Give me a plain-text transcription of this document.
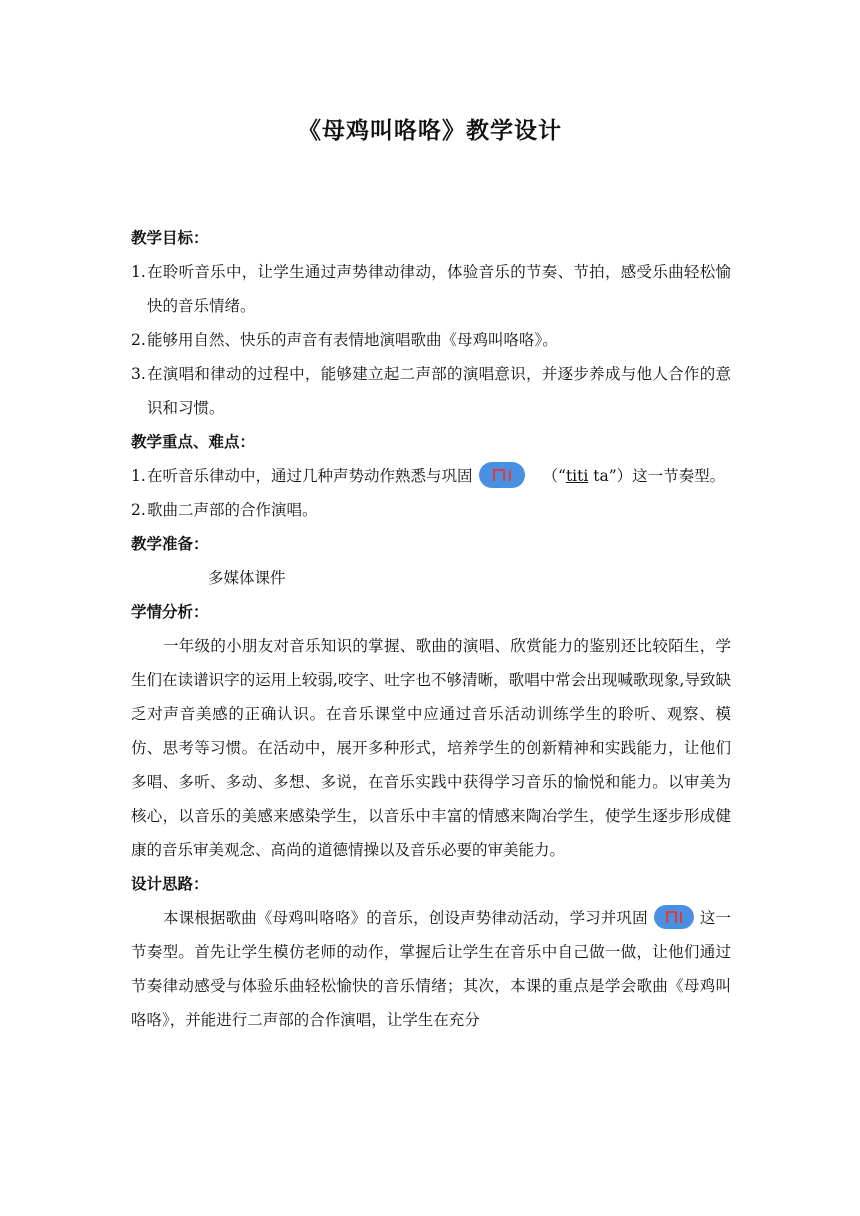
《母鸡叫咯咯》教学设计
教学目标：
1. 在聆听音乐中，让学生通过声势律动律动，体验音乐的节奏、节拍，感受乐曲轻松愉快的音乐情绪。
2. 能够用自然、快乐的声音有表情地演唱歌曲《母鸡叫咯咯》。
3. 在演唱和律动的过程中，能够建立起二声部的演唱意识，并逐步养成与他人合作的意识和习惯。
教学重点、难点：
1. 在听音乐律动中，通过几种声势动作熟悉与巩固	（“titi ta”）这一节奏型。
2. 歌曲二声部的合作演唱。
教学准备：
多媒体课件
学情分析：
一年级的小朋友对音乐知识的掌握、歌曲的演唱、欣赏能力的鉴别还比较陌生，学生们在读谱识字的运用上较弱,咬字、吐字也不够清晰，歌唱中常会出现喊歌现象,导致缺乏对声音美感的正确认识。在音乐课堂中应通过音乐活动训练学生的聆听、观察、模仿、思考等习惯。在活动中，展开多种形式，培养学生的创新精神和实践能力，让他们多唱、多听、多动、多想、多说，在音乐实践中获得学习音乐的愉悦和能力。以审美为核心，以音乐的美感来感染学生，以音乐中丰富的情感来陶冶学生，使学生逐步形成健康的音乐审美观念、高尚的道德情操以及音乐必要的审美能力。
设计思路：
本课根据歌曲《母鸡叫咯咯》的音乐，创设声势律动活动，学习并巩固	这一节奏型。首先让学生模仿老师的动作，掌握后让学生在音乐中自己做一做，让他们通过节奏律动感受与体验乐曲轻松愉快的音乐情绪；其次，本课的重点是学会歌曲《母鸡叫咯咯》，并能进行二声部的合作演唱，让学生在充分
